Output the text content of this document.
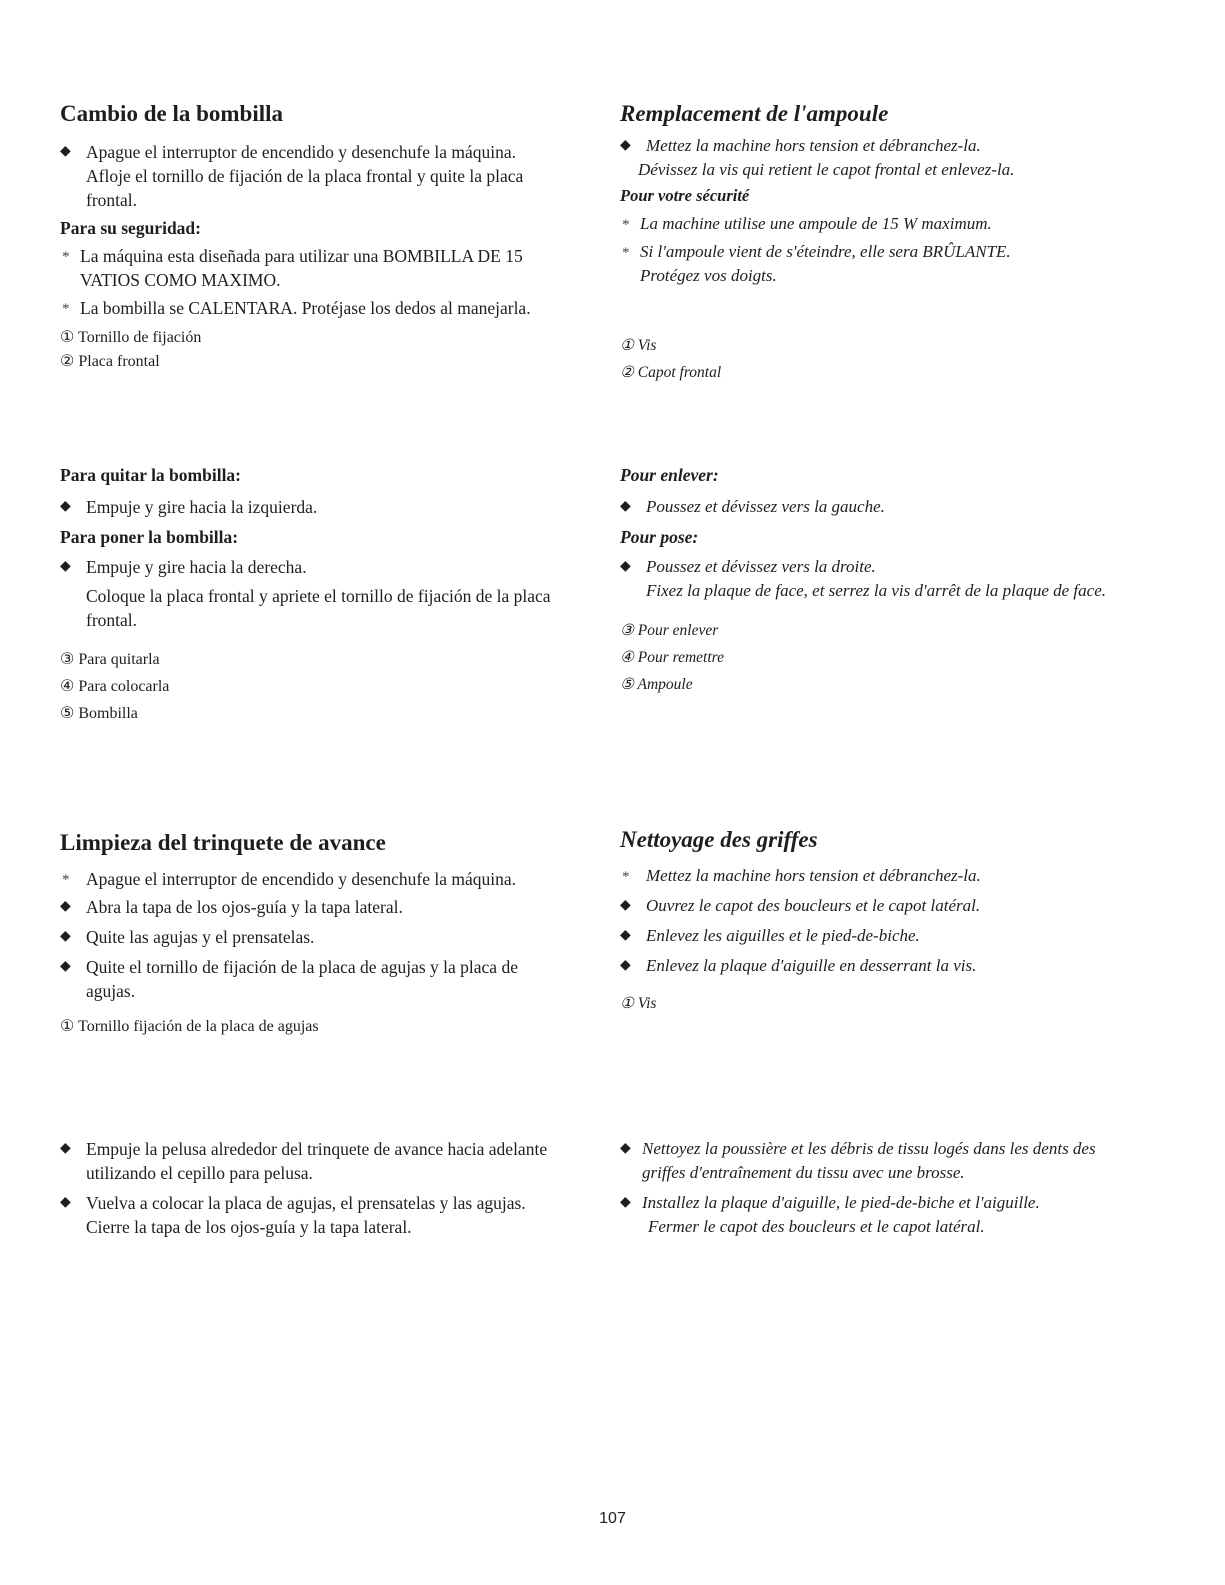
Cambio de la bombilla

◆ Apague el interruptor de encendido y desenchufe la máquina.

Afloje el tornillo de fijación de la placa frontal y quite la placa frontal.

Para su seguridad:

* La máquina esta diseñada para utilizar una BOMBILLA DE 15 VATIOS COMO MAXIMO.

* La bombilla se CALENTARA. Protéjase los dedos al manejarla.

① Tornillo de fijación

② Placa frontal

Para quitar la bombilla:

◆ Empuje y gire hacia la izquierda.

Para poner la bombilla:

◆ Empuje y gire hacia la derecha.

Coloque la placa frontal y apriete el tornillo de fijación de la placa frontal.

③ Para quitarla

④ Para colocarla

⑤ Bombilla

Remplacement de l'ampoule

◆ Mettez la machine hors tension et débranchez-la.

Dévissez la vis qui retient le capot frontal et enlevez-la.

Pour votre sécurité

* La machine utilise une ampoule de 15 W maximum.

* Si l'ampoule vient de s'éteindre, elle sera BRÛLANTE.

Protégez vos doigts.

① Vis

② Capot frontal

Pour enlever:

◆ Poussez et dévissez vers la gauche.

Pour pose:

◆ Poussez et dévissez vers la droite.

Fixez la plaque de face, et serrez la vis d'arrêt de la plaque de face.

③ Pour enlever

④ Pour remettre

⑤ Ampoule

Limpieza del trinquete de avance

* Apague el interruptor de encendido y desenchufe la máquina.

◆ Abra la tapa de los ojos-guía y la tapa lateral.

◆ Quite las agujas y el prensatelas.

◆ Quite el tornillo de fijación de la placa de agujas y la placa de agujas.

① Tornillo fijación de la placa de agujas

◆ Empuje la pelusa alrededor del trinquete de avance hacia adelante utilizando el cepillo para pelusa.

◆ Vuelva a colocar la placa de agujas, el prensatelas y las agujas.

Cierre la tapa de los ojos-guía y la tapa lateral.

Nettoyage des griffes

* Mettez la machine hors tension et débranchez-la.

◆ Ouvrez le capot des boucleurs et le capot latéral.

◆ Enlevez les aiguilles et le pied-de-biche.

◆ Enlevez la plaque d'aiguille en desserrant la vis.

① Vis

◆ Nettoyez la poussière et les débris de tissu logés dans les dents des griffes d'entraînement du tissu avec une brosse.

◆ Installez la plaque d'aiguille, le pied-de-biche et l'aiguille.

Fermer le capot des boucleurs et le capot latéral.

107
